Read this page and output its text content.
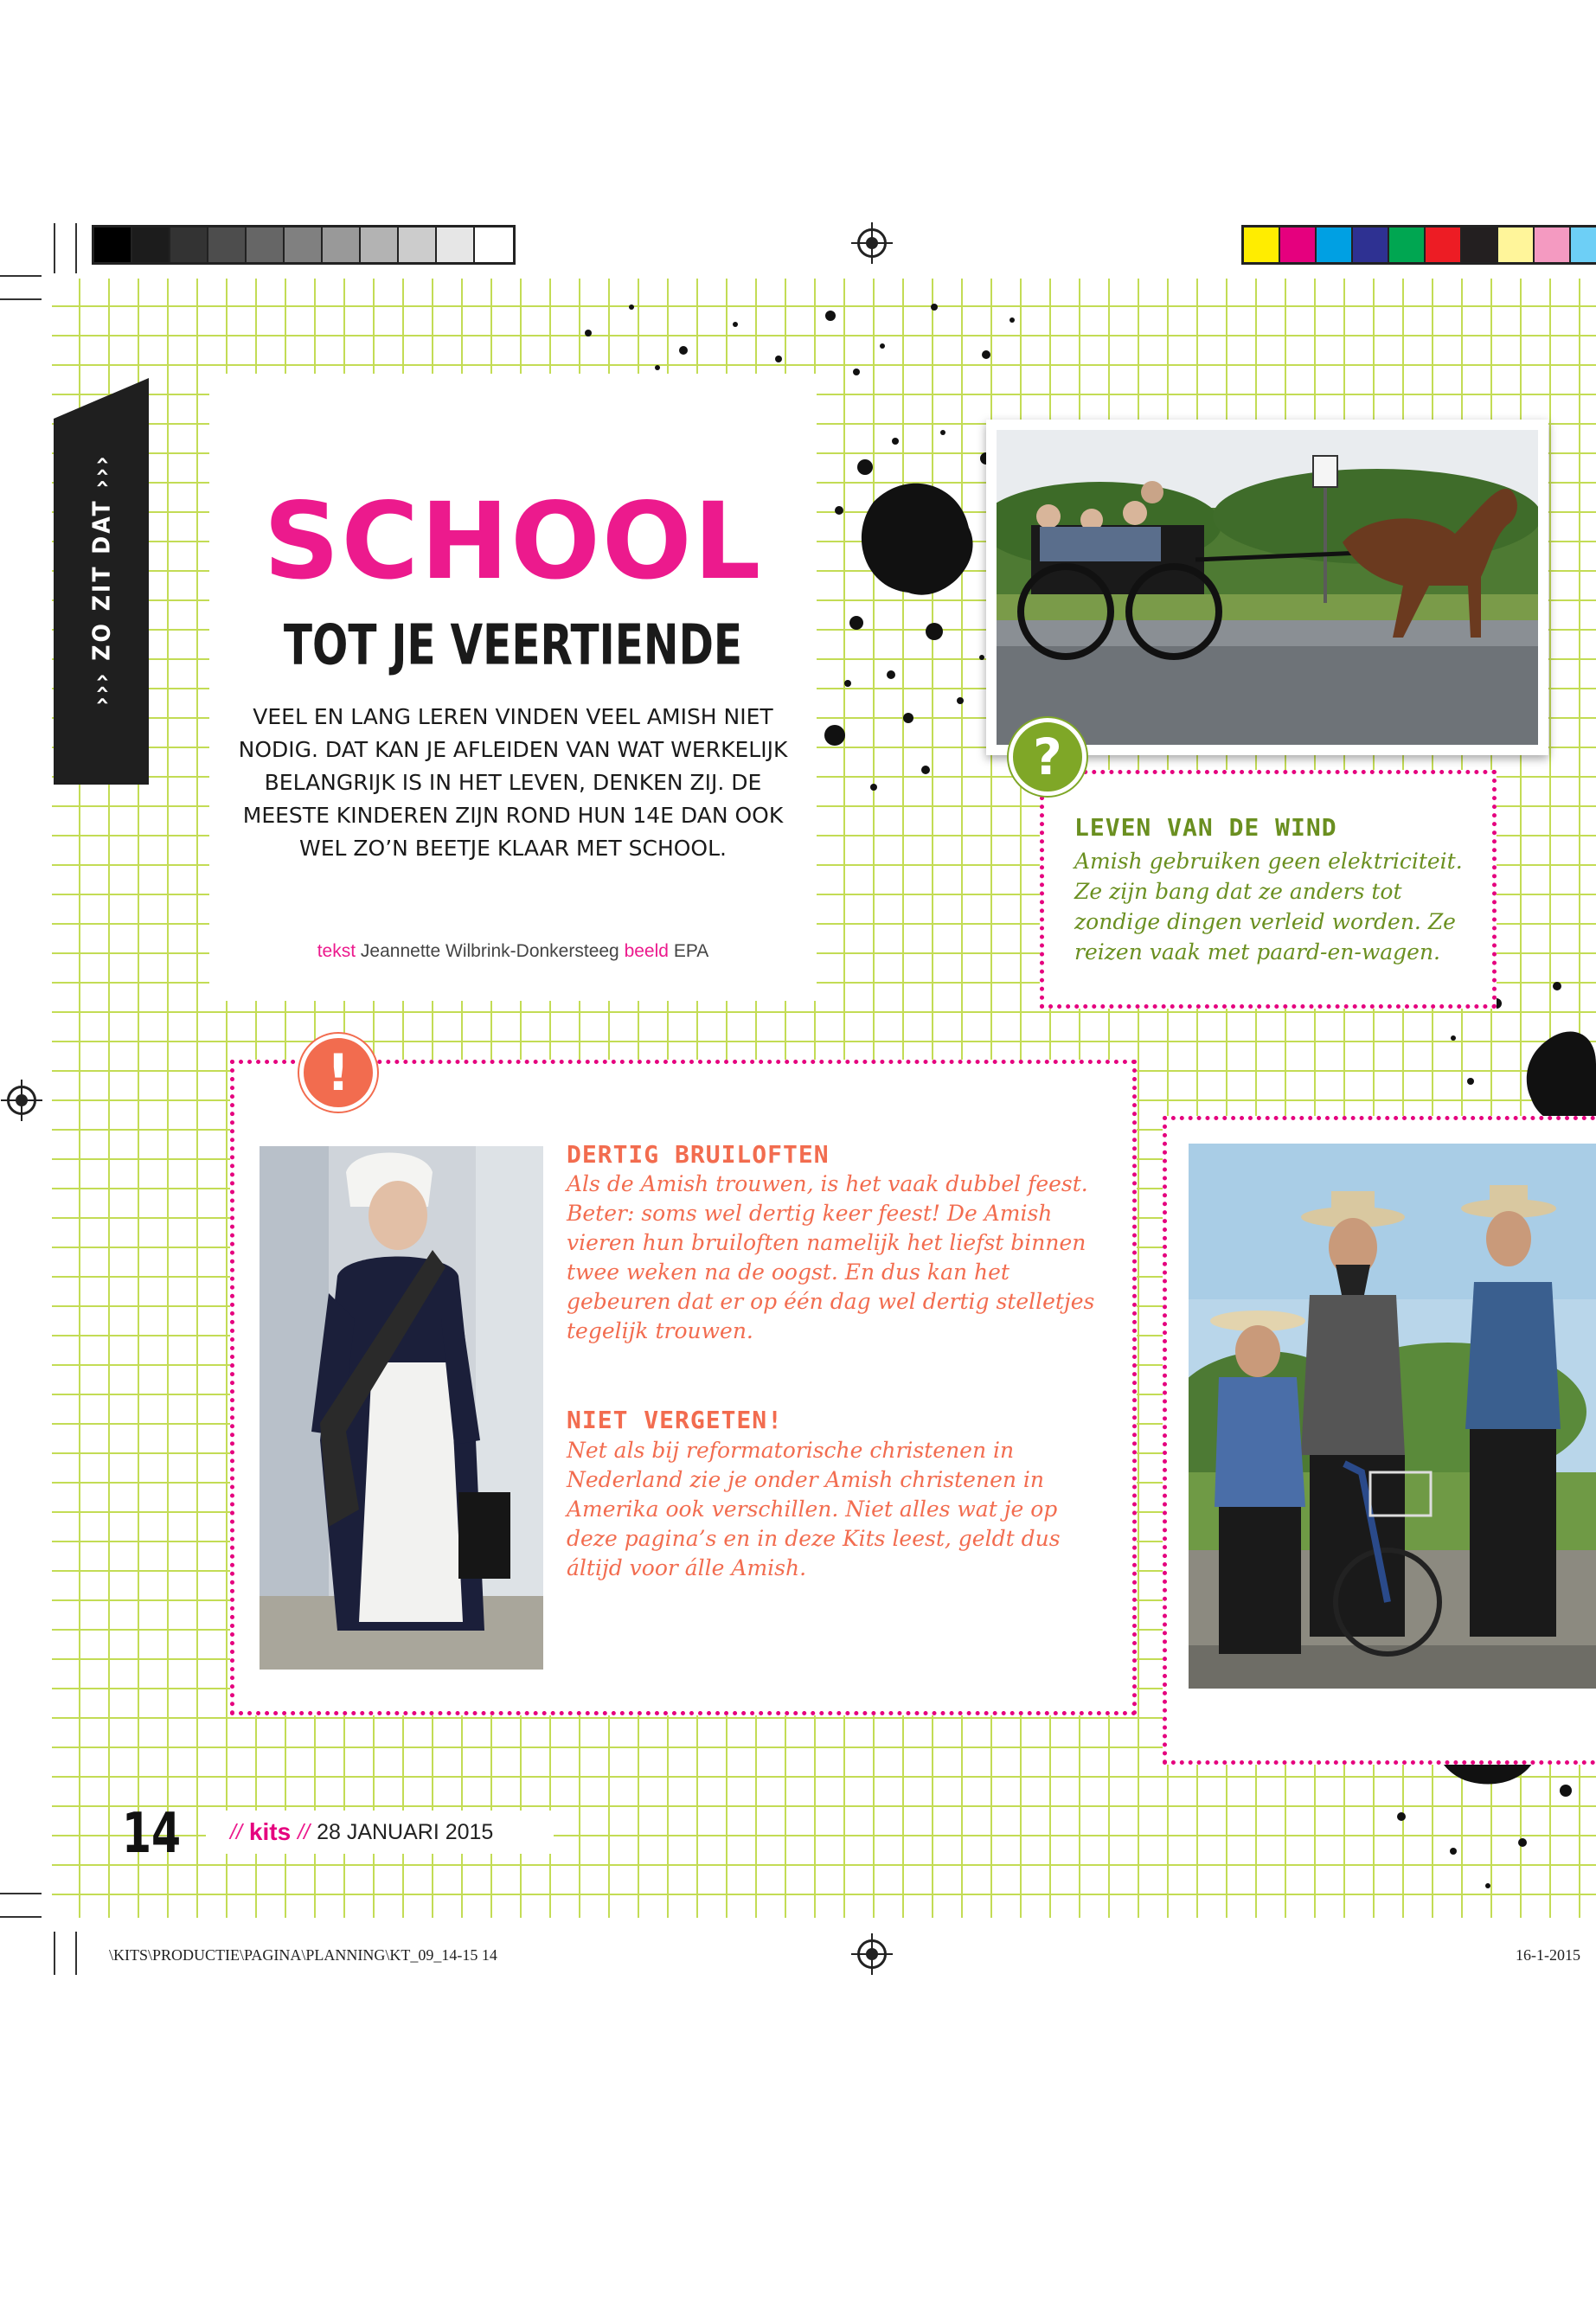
››› ZO ZIT DAT ›››	SCHOOL
TOT JE VEERTIENDE
VEEL EN LANG LEREN VINDEN VEEL AMISH NIET NODIG. DAT KAN JE AFLEIDEN VAN WAT WERKELIJK BELANGRIJK IS IN HET LEVEN, DENKEN ZIJ. DE MEESTE KINDEREN ZIJN ROND HUN 14E DAN OOK WEL ZO’N BEETJE KLAAR MET SCHOOL.
tekst Jeannette Wilbrink-Donkersteeg beeld EPA
?
LEVEN VAN DE WIND
Amish gebruiken geen elektriciteit. Ze zijn bang dat ze anders tot zondige dingen verleid worden. Ze reizen vaak met paard-en-wagen.
!
DERTIG BRUILOFTEN
Als de Amish trouwen, is het vaak dubbel feest. Beter: soms wel dertig keer feest! De Amish vieren hun bruiloften namelijk het liefst binnen twee weken na de oogst. En dus kan het gebeuren dat er op één dag wel dertig stelletjes tegelijk trouwen.
NIET VERGETEN!
Net als bij reformatorische christenen in Nederland zie je onder Amish christenen in Amerika ook verschillen. Niet alles wat je op deze pagina’s en in deze Kits leest, geldt dus áltijd voor álle Amish.
14 // kits // 28 JANUARI 2015
\KITS\PRODUCTIE\PAGINA\PLANNING\KT_09_14-15 14	16-1-2015
